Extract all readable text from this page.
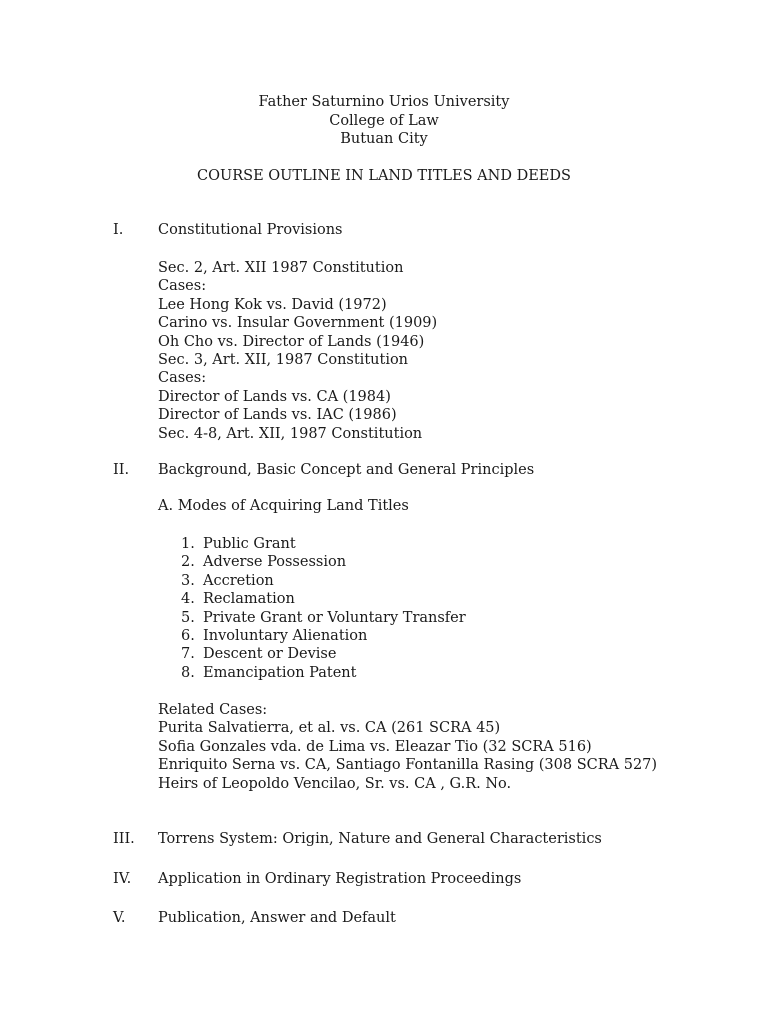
Father Saturnino Urios University
College of Law
Butuan City
COURSE OUTLINE IN LAND TITLES AND DEEDS
I. Constitutional Provisions
Sec. 2, Art. XII 1987 Constitution
Cases:
Lee Hong Kok vs. David (1972)
Carino vs. Insular Government (1909)
Oh Cho vs. Director of Lands (1946)
Sec. 3, Art. XII, 1987 Constitution
Cases:
Director of Lands vs. CA (1984)
Director of Lands vs. IAC (1986)
Sec. 4-8, Art. XII, 1987 Constitution
II. Background, Basic Concept and General Principles
A. Modes of Acquiring Land Titles
1. Public Grant
2. Adverse Possession
3. Accretion
4. Reclamation
5. Private Grant or Voluntary Transfer
6. Involuntary Alienation
7. Descent or Devise
8. Emancipation Patent
Related Cases:
Purita Salvatierra, et al. vs. CA (261 SCRA 45)
Sofia Gonzales vda. de Lima vs. Eleazar Tio (32 SCRA 516)
Enriquito Serna vs. CA, Santiago Fontanilla Rasing (308 SCRA 527)
Heirs of Leopoldo Vencilao, Sr. vs. CA , G.R. No.
III. Torrens System: Origin, Nature and General Characteristics
IV. Application in Ordinary Registration Proceedings
V. Publication, Answer and Default
